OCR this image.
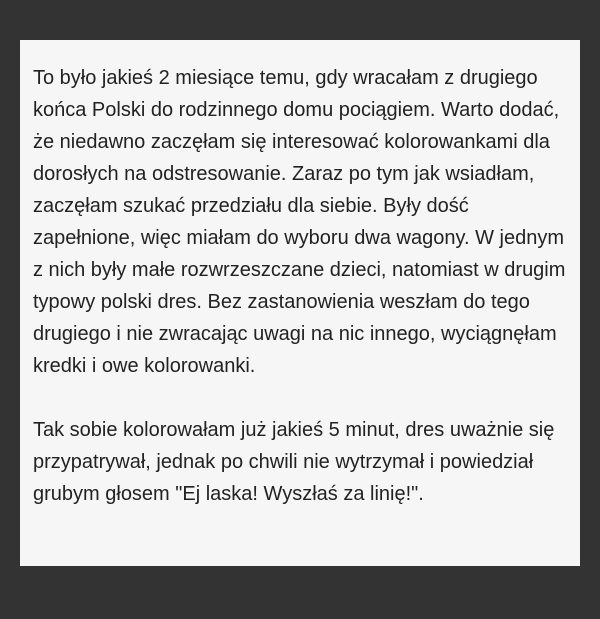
To było jakieś 2 miesiące temu, gdy wracałam z drugiego końca Polski do rodzinnego domu pociągiem. Warto dodać, że niedawno zaczęłam się interesować kolorowankami dla dorosłych na odstresowanie. Zaraz po tym jak wsiadłam, zaczęłam szukać przedziału dla siebie. Były dość zapełnione, więc miałam do wyboru dwa wagony. W jednym z nich były małe rozwrzeszczane dzieci, natomiast w drugim typowy polski dres. Bez zastanowienia weszłam do tego drugiego i nie zwracając uwagi na nic innego, wyciągnęłam kredki i owe kolorowanki.

Tak sobie kolorowałam już jakieś 5 minut, dres uważnie się przypatrywał, jednak po chwili nie wytrzymał i powiedział grubym głosem "Ej laska! Wyszłaś za linię!".
